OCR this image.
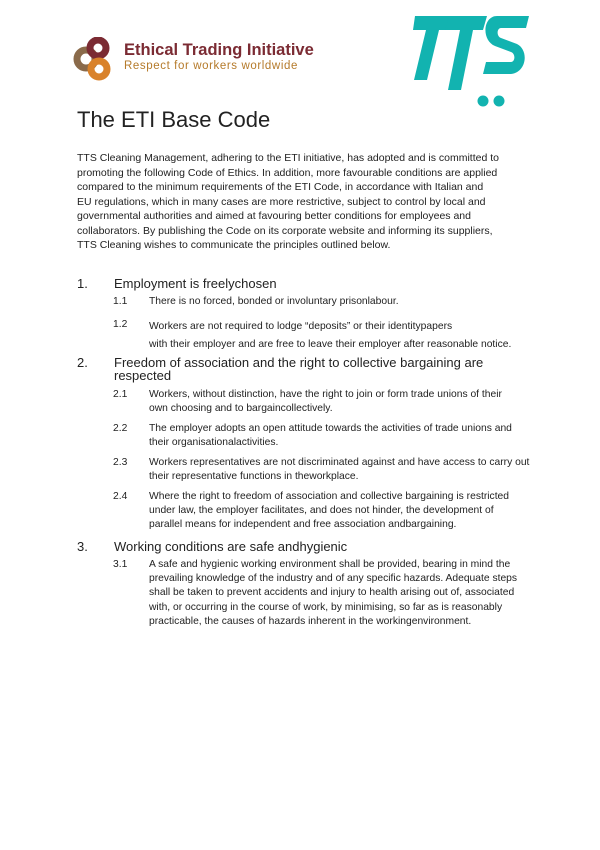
Ethical Trading Initiative
Respect for workers worldwide
The ETI Base Code
TTS Cleaning Management, adhering to the ETI initiative, has adopted and is committed to
promoting the following Code of Ethics. In addition, more favourable conditions are applied
compared to the minimum requirements of the ETI Code, in accordance with Italian and
EU regulations, which in many cases are more restrictive, subject to control by local and
governmental authorities and aimed at favouring better conditions for employees and
collaborators. By publishing the Code on its corporate website and informing its suppliers,
TTS Cleaning wishes to communicate the principles outlined below.
1.	Employment is freelychosen
1.1	There is no forced, bonded or involuntary prisonlabour.
1.2	Workers are not required to lodge “deposits” or their identitypapers
with their employer and are free to leave their employer after reasonable notice.
2.	Freedom of association and the right to collective bargaining are
respected
2.1	Workers, without distinction, have the right to join or form trade unions of their
own choosing and to bargaincollectively.
2.2	The employer adopts an open attitude towards the activities of trade unions and
their organisationalactivities.
2.3	Workers representatives are not discriminated against and have access to carry out
their representative functions in theworkplace.
2.4	Where the right to freedom of association and collective bargaining is restricted
under law, the employer facilitates, and does not hinder, the development of
parallel means for independent and free association andbargaining.
3.	Working conditions are safe andhygienic
3.1	A safe and hygienic working environment shall be provided, bearing in mind the
prevailing knowledge of the industry and of any specific hazards. Adequate steps
shall be taken to prevent accidents and injury to health arising out of, associated
with, or occurring in the course of work, by minimising, so far as is reasonably
practicable, the causes of hazards inherent in the workingenvironment.
